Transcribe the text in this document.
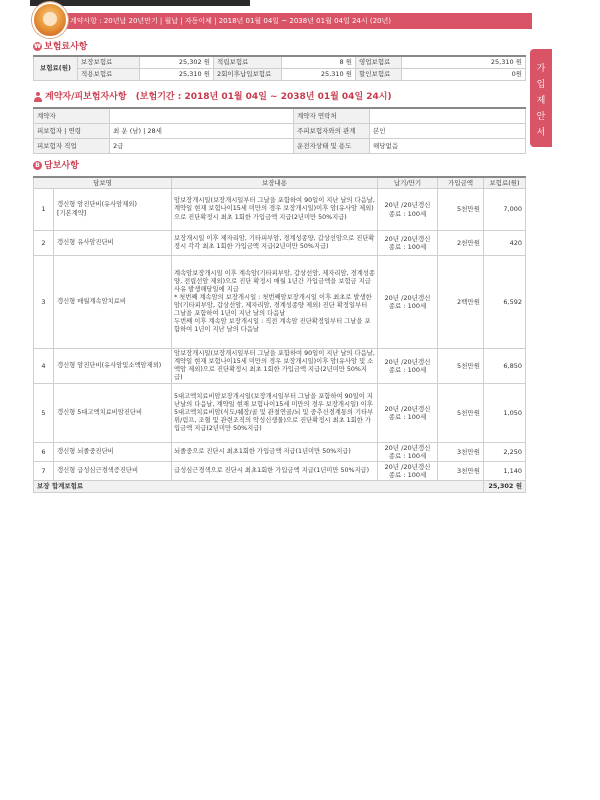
계약사항 : 20년납 20년만기 | 월납 | 자동이체 | 2018년 01월 04일 ~ 2038년 01월 04일 24시 (20년)
가
입
제
안
서
₩ 보험료사항
보험료(원)	보장보험료	25,302 원	적립보험료	8 원	영업보험료	25,310 원
	적용보험료	25,310 원	2회이후납입보험료	25,310 원	할인보험료	0원
계약자/피보험자사항 (보험기간 : 2018년 01월 04일 ~ 2038년 01월 04일 24시)
계약자		계약자 연락처	
피보험자 | 연령	최 운 (남) | 28세	주피보험자와의 관계	본인
피보험자 직업	2급	운전자상태 및 용도	해당없음
B 담보사항
담보명		보장내용	납기/만기	가입금액	보험료(원)
1	갱신형 암진단비(유사암제외)
[기본계약]	암보장개시일(보장개시일부터 그날을 포함하여 90일이 지난 날의 다음날, 계약일 현재 보험나이15세 미만의 경우 보장개시일)이후 암(유사암 제외)으로 진단확정시 최초 1회한 가입금액 지급(2년미만 50%지급)	20년 /20년갱신
종료 : 100세	5천만원	7,000
2	갱신형 유사암진단비	보장개시일 이후 제자리암, 기타피부암, 경계성종양, 갑상선암으로 진단확정시 각각 최초 1회한 가입금액 지급(2년미만 50%지급)	20년 /20년갱신
종료 : 100세	2천만원	420
3	갱신형 매월계속암치료비	계속암보장개시일 이후 계속암(기타피부암, 갑상선암, 제자리암, 경계성종양, 전립선암 제외)으로 진단 확정시 매월 1년간 가입금액을 보험금 지급사유 발생해당일에 지급
* 첫번째 계속암의 보장개시일 : 첫번째암보장개시일 이후 최초로 발생한 암(기타피부암, 갑상선암, 제자리암, 경계성종양 제외) 진단 확정일부터 그날을 포함하여 1년이 지난 날의 다음날
두번째 이후 계속암 보장개시일 : 직전 계속암 진단확정일부터 그날을 포함하여 1년이 지난 날의 다음날	20년 /20년갱신
종료 : 100세	2백만원	6,592
4	갱신형 암진단비(유사암및소액암제외)	암보장개시일(보장개시일부터 그날을 포함하여 90일이 지난 날의 다음날, 계약일 현재 보험나이15세 미만의 경우 보장개시일)이후 암(유사암 및 소액암 제외)으로 진단확정시 최초 1회한 가입금액 지급(2년미만 50%지급)	20년 /20년갱신
종료 : 100세	5천만원	6,850
5	갱신형 5대고액치료비암진단비	5대고액치료비암보장개시일(보장개시일부터 그날을 포함하여 90일이 지난날의 다음날, 계약일 현재 보험나이15세 미만의 경우 보장개시일) 이후 5대고액치료비암(식도/췌장/골 및 관절연골/뇌 및 중추신경계통의 기타부위/림프, 조혈 및 관련조직의 악성신생물)으로 진단확정시 최초 1회한 가입금액 지급(2년미만 50%지급)	20년 /20년갱신
종료 : 100세	5천만원	1,050
6	갱신형 뇌졸중진단비	뇌졸중으로 진단시 최초1회한 가입금액 지급(1년미만 50%지급)	20년 /20년갱신
종료 : 100세	3천만원	2,250
7	갱신형 급성심근경색증진단비	급성심근경색으로 진단시 최초1회한 가입금액 지급(1년미만 50%지급)	20년 /20년갱신
종료 : 100세	3천만원	1,140
보장 합계보험료					25,302 원
